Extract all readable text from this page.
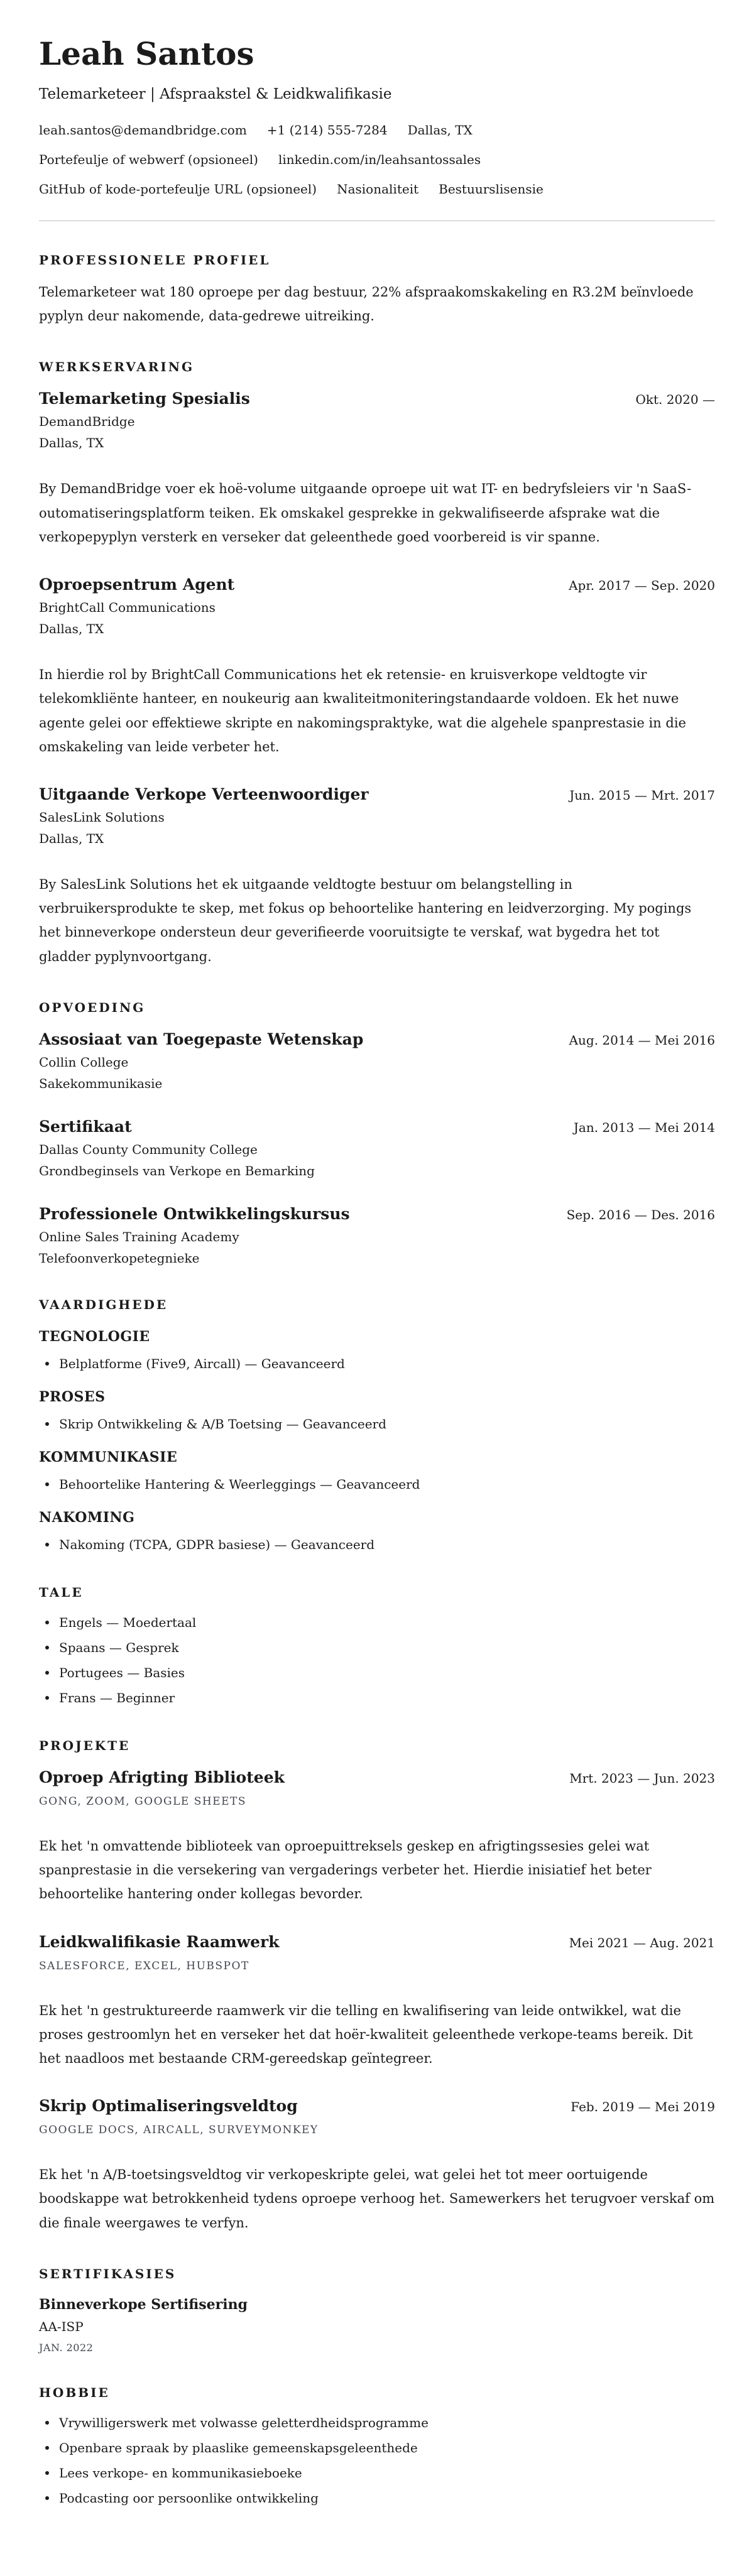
Leah Santos
Telemarketeer | Afspraakstel & Leidkwalifikasie
leah.santos@demandbridge.com +1 (214) 555-7284 Dallas, TX
Portefeulje of webwerf (opsioneel) linkedin.com/in/leahsantossales
GitHub of kode-portefeulje URL (opsioneel) Nasionaliteit Bestuurslisensie
PROFESSIONELE PROFIEL

Telemarketeer wat 180 oproepe per dag bestuur, 22% afspraakomskakeling en R3.2M beïnvloede pyplyn deur nakomende, data-gedrewe uitreiking.

WERKSERVARING
Telemarketing Spesialis	Okt. 2020 —
DemandBridge
Dallas, TX

By DemandBridge voer ek hoë-volume uitgaande oproepe uit wat IT- en bedryfsleiers vir 'n SaaS-outomatiseringsplatform teiken. Ek omskakel gesprekke in gekwalifiseerde afsprake wat die verkopepyplyn versterk en verseker dat geleenthede goed voorbereid is vir spanne.

Oproepsentrum Agent	Apr. 2017 — Sep. 2020
BrightCall Communications
Dallas, TX

In hierdie rol by BrightCall Communications het ek retensie- en kruisverkope veldtogte vir telekomkliënte hanteer, en noukeurig aan kwaliteitmoniteringstandaarde voldoen. Ek het nuwe agente gelei oor effektiewe skripte en nakomingspraktyke, wat die algehele spanprestasie in die omskakeling van leide verbeter het.

Uitgaande Verkope Verteenwoordiger	Jun. 2015 — Mrt. 2017
SalesLink Solutions
Dallas, TX

By SalesLink Solutions het ek uitgaande veldtogte bestuur om belangstelling in verbruikersprodukte te skep, met fokus op behoortelike hantering en leidverzorging. My pogings het binneverkope ondersteun deur geverifieerde vooruitsigte te verskaf, wat bygedra het tot gladder pyplynvoortgang.

OPVOEDING
Assosiaat van Toegepaste Wetenskap	Aug. 2014 — Mei 2016
Collin College
Sakekommunikasie
Sertifikaat	Jan. 2013 — Mei 2014
Dallas County Community College
Grondbeginsels van Verkope en Bemarking
Professionele Ontwikkelingskursus	Sep. 2016 — Des. 2016
Online Sales Training Academy
Telefoonverkopetegnieke
VAARDIGHEDE
TEGNOLOGIE
Belplatforme (Five9, Aircall) — Geavanceerd
PROSES
Skrip Ontwikkeling & A/B Toetsing — Geavanceerd
KOMMUNIKASIE
Behoortelike Hantering & Weerleggings — Geavanceerd
NAKOMING
Nakoming (TCPA, GDPR basiese) — Geavanceerd
TALE
Engels — Moedertaal
Spaans — Gesprek
Portugees — Basies
Frans — Beginner
PROJEKTE
Oproep Afrigting Biblioteek	Mrt. 2023 — Jun. 2023
GONG, ZOOM, GOOGLE SHEETS

Ek het 'n omvattende biblioteek van oproepuittreksels geskep en afrigtingssesies gelei wat spanprestasie in die versekering van vergaderings verbeter het. Hierdie inisiatief het beter behoortelike hantering onder kollegas bevorder.

Leidkwalifikasie Raamwerk	Mei 2021 — Aug. 2021
SALESFORCE, EXCEL, HUBSPOT

Ek het 'n gestruktureerde raamwerk vir die telling en kwalifisering van leide ontwikkel, wat die proses gestroomlyn het en verseker het dat hoër-kwaliteit geleenthede verkope-teams bereik. Dit het naadloos met bestaande CRM-gereedskap geïntegreer.

Skrip Optimaliseringsveldtog	Feb. 2019 — Mei 2019
GOOGLE DOCS, AIRCALL, SURVEYMONKEY

Ek het 'n A/B-toetsingsveldtog vir verkopeskripte gelei, wat gelei het tot meer oortuigende boodskappe wat betrokkenheid tydens oproepe verhoog het. Samewerkers het terugvoer verskaf om die finale weergawes te verfyn.

SERTIFIKASIES
Binneverkope Sertifisering
AA-ISP
JAN. 2022
HOBBIE
Vrywilligerswerk met volwasse geletterdheidsprogramme
Openbare spraak by plaaslike gemeenskapsgeleenthede
Lees verkope- en kommunikasieboeke
Podcasting oor persoonlike ontwikkeling
